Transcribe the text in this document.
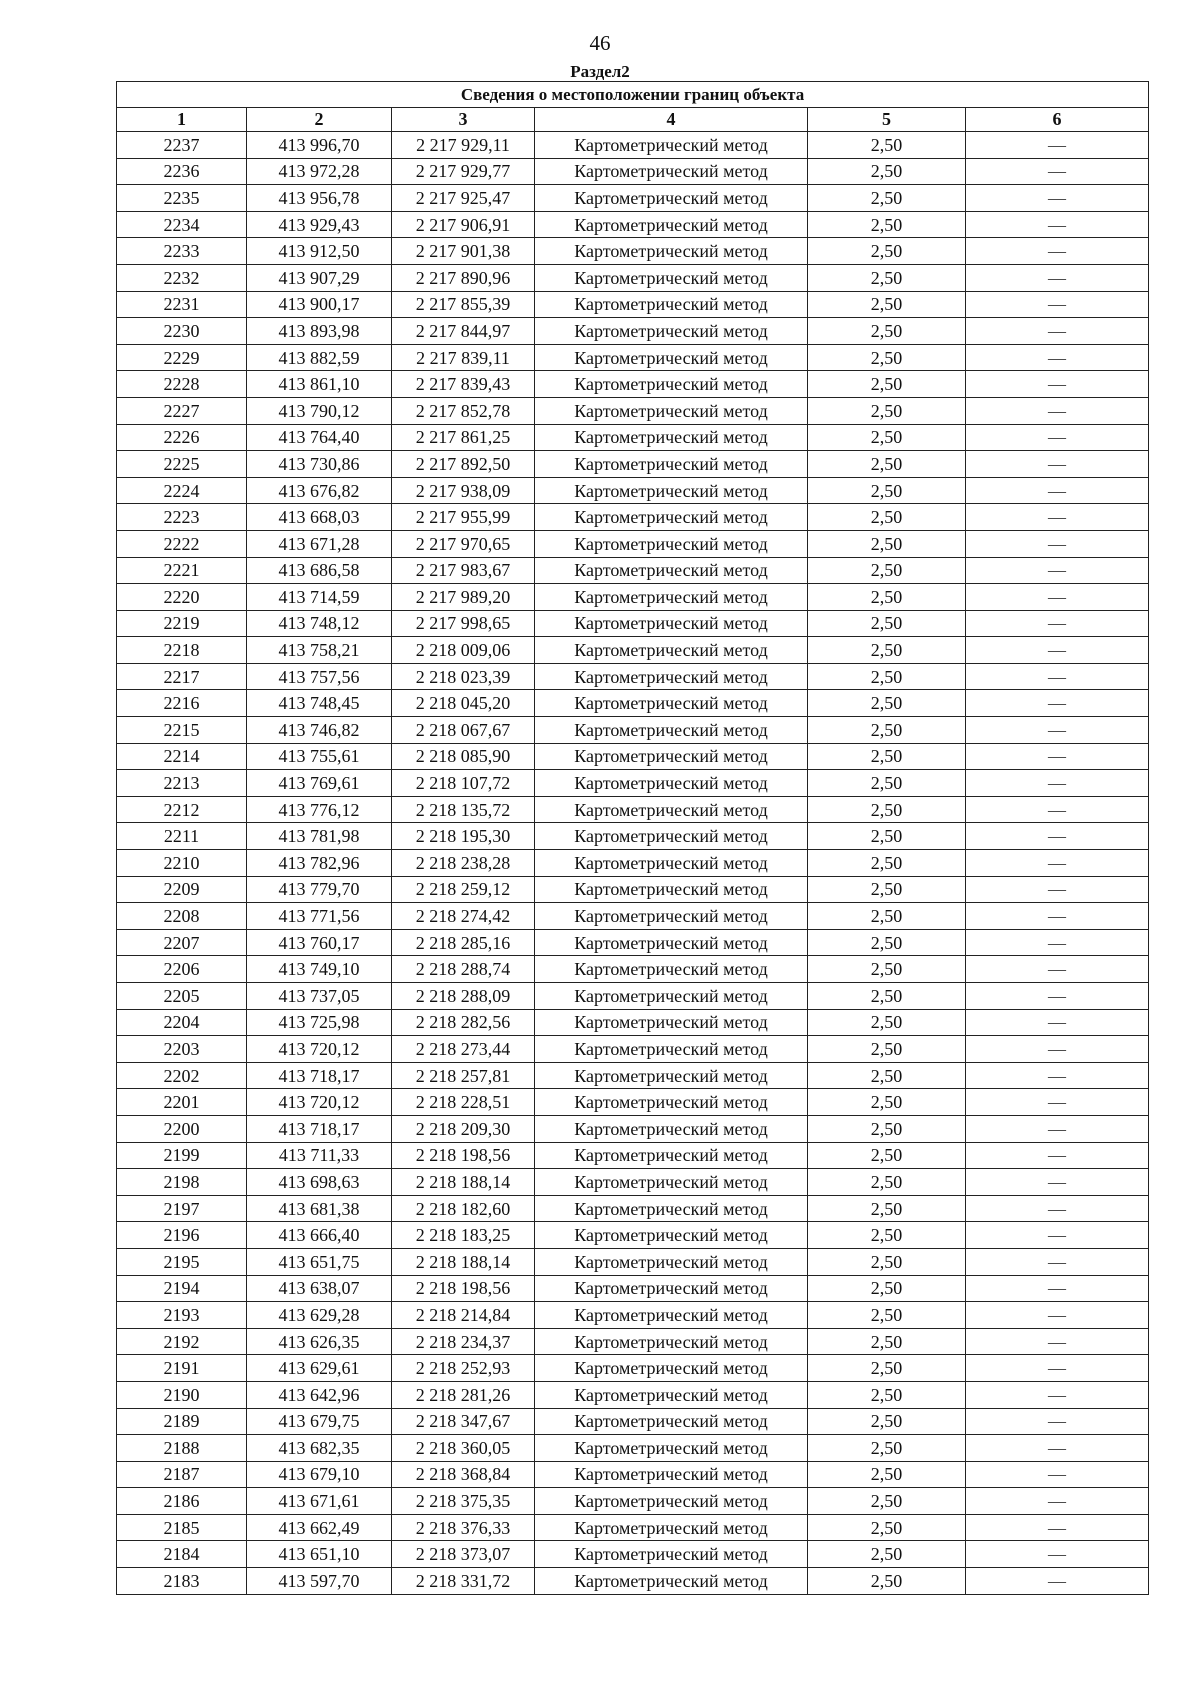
46
Раздел2
Сведения о местоположении границ объекта					
1	2	3	4	5	6
2237	413 996,70	2 217 929,11	Картометрический метод	2,50	—
2236	413 972,28	2 217 929,77	Картометрический метод	2,50	—
2235	413 956,78	2 217 925,47	Картометрический метод	2,50	—
2234	413 929,43	2 217 906,91	Картометрический метод	2,50	—
2233	413 912,50	2 217 901,38	Картометрический метод	2,50	—
2232	413 907,29	2 217 890,96	Картометрический метод	2,50	—
2231	413 900,17	2 217 855,39	Картометрический метод	2,50	—
2230	413 893,98	2 217 844,97	Картометрический метод	2,50	—
2229	413 882,59	2 217 839,11	Картометрический метод	2,50	—
2228	413 861,10	2 217 839,43	Картометрический метод	2,50	—
2227	413 790,12	2 217 852,78	Картометрический метод	2,50	—
2226	413 764,40	2 217 861,25	Картометрический метод	2,50	—
2225	413 730,86	2 217 892,50	Картометрический метод	2,50	—
2224	413 676,82	2 217 938,09	Картометрический метод	2,50	—
2223	413 668,03	2 217 955,99	Картометрический метод	2,50	—
2222	413 671,28	2 217 970,65	Картометрический метод	2,50	—
2221	413 686,58	2 217 983,67	Картометрический метод	2,50	—
2220	413 714,59	2 217 989,20	Картометрический метод	2,50	—
2219	413 748,12	2 217 998,65	Картометрический метод	2,50	—
2218	413 758,21	2 218 009,06	Картометрический метод	2,50	—
2217	413 757,56	2 218 023,39	Картометрический метод	2,50	—
2216	413 748,45	2 218 045,20	Картометрический метод	2,50	—
2215	413 746,82	2 218 067,67	Картометрический метод	2,50	—
2214	413 755,61	2 218 085,90	Картометрический метод	2,50	—
2213	413 769,61	2 218 107,72	Картометрический метод	2,50	—
2212	413 776,12	2 218 135,72	Картометрический метод	2,50	—
2211	413 781,98	2 218 195,30	Картометрический метод	2,50	—
2210	413 782,96	2 218 238,28	Картометрический метод	2,50	—
2209	413 779,70	2 218 259,12	Картометрический метод	2,50	—
2208	413 771,56	2 218 274,42	Картометрический метод	2,50	—
2207	413 760,17	2 218 285,16	Картометрический метод	2,50	—
2206	413 749,10	2 218 288,74	Картометрический метод	2,50	—
2205	413 737,05	2 218 288,09	Картометрический метод	2,50	—
2204	413 725,98	2 218 282,56	Картометрический метод	2,50	—
2203	413 720,12	2 218 273,44	Картометрический метод	2,50	—
2202	413 718,17	2 218 257,81	Картометрический метод	2,50	—
2201	413 720,12	2 218 228,51	Картометрический метод	2,50	—
2200	413 718,17	2 218 209,30	Картометрический метод	2,50	—
2199	413 711,33	2 218 198,56	Картометрический метод	2,50	—
2198	413 698,63	2 218 188,14	Картометрический метод	2,50	—
2197	413 681,38	2 218 182,60	Картометрический метод	2,50	—
2196	413 666,40	2 218 183,25	Картометрический метод	2,50	—
2195	413 651,75	2 218 188,14	Картометрический метод	2,50	—
2194	413 638,07	2 218 198,56	Картометрический метод	2,50	—
2193	413 629,28	2 218 214,84	Картометрический метод	2,50	—
2192	413 626,35	2 218 234,37	Картометрический метод	2,50	—
2191	413 629,61	2 218 252,93	Картометрический метод	2,50	—
2190	413 642,96	2 218 281,26	Картометрический метод	2,50	—
2189	413 679,75	2 218 347,67	Картометрический метод	2,50	—
2188	413 682,35	2 218 360,05	Картометрический метод	2,50	—
2187	413 679,10	2 218 368,84	Картометрический метод	2,50	—
2186	413 671,61	2 218 375,35	Картометрический метод	2,50	—
2185	413 662,49	2 218 376,33	Картометрический метод	2,50	—
2184	413 651,10	2 218 373,07	Картометрический метод	2,50	—
2183	413 597,70	2 218 331,72	Картометрический метод	2,50	—
